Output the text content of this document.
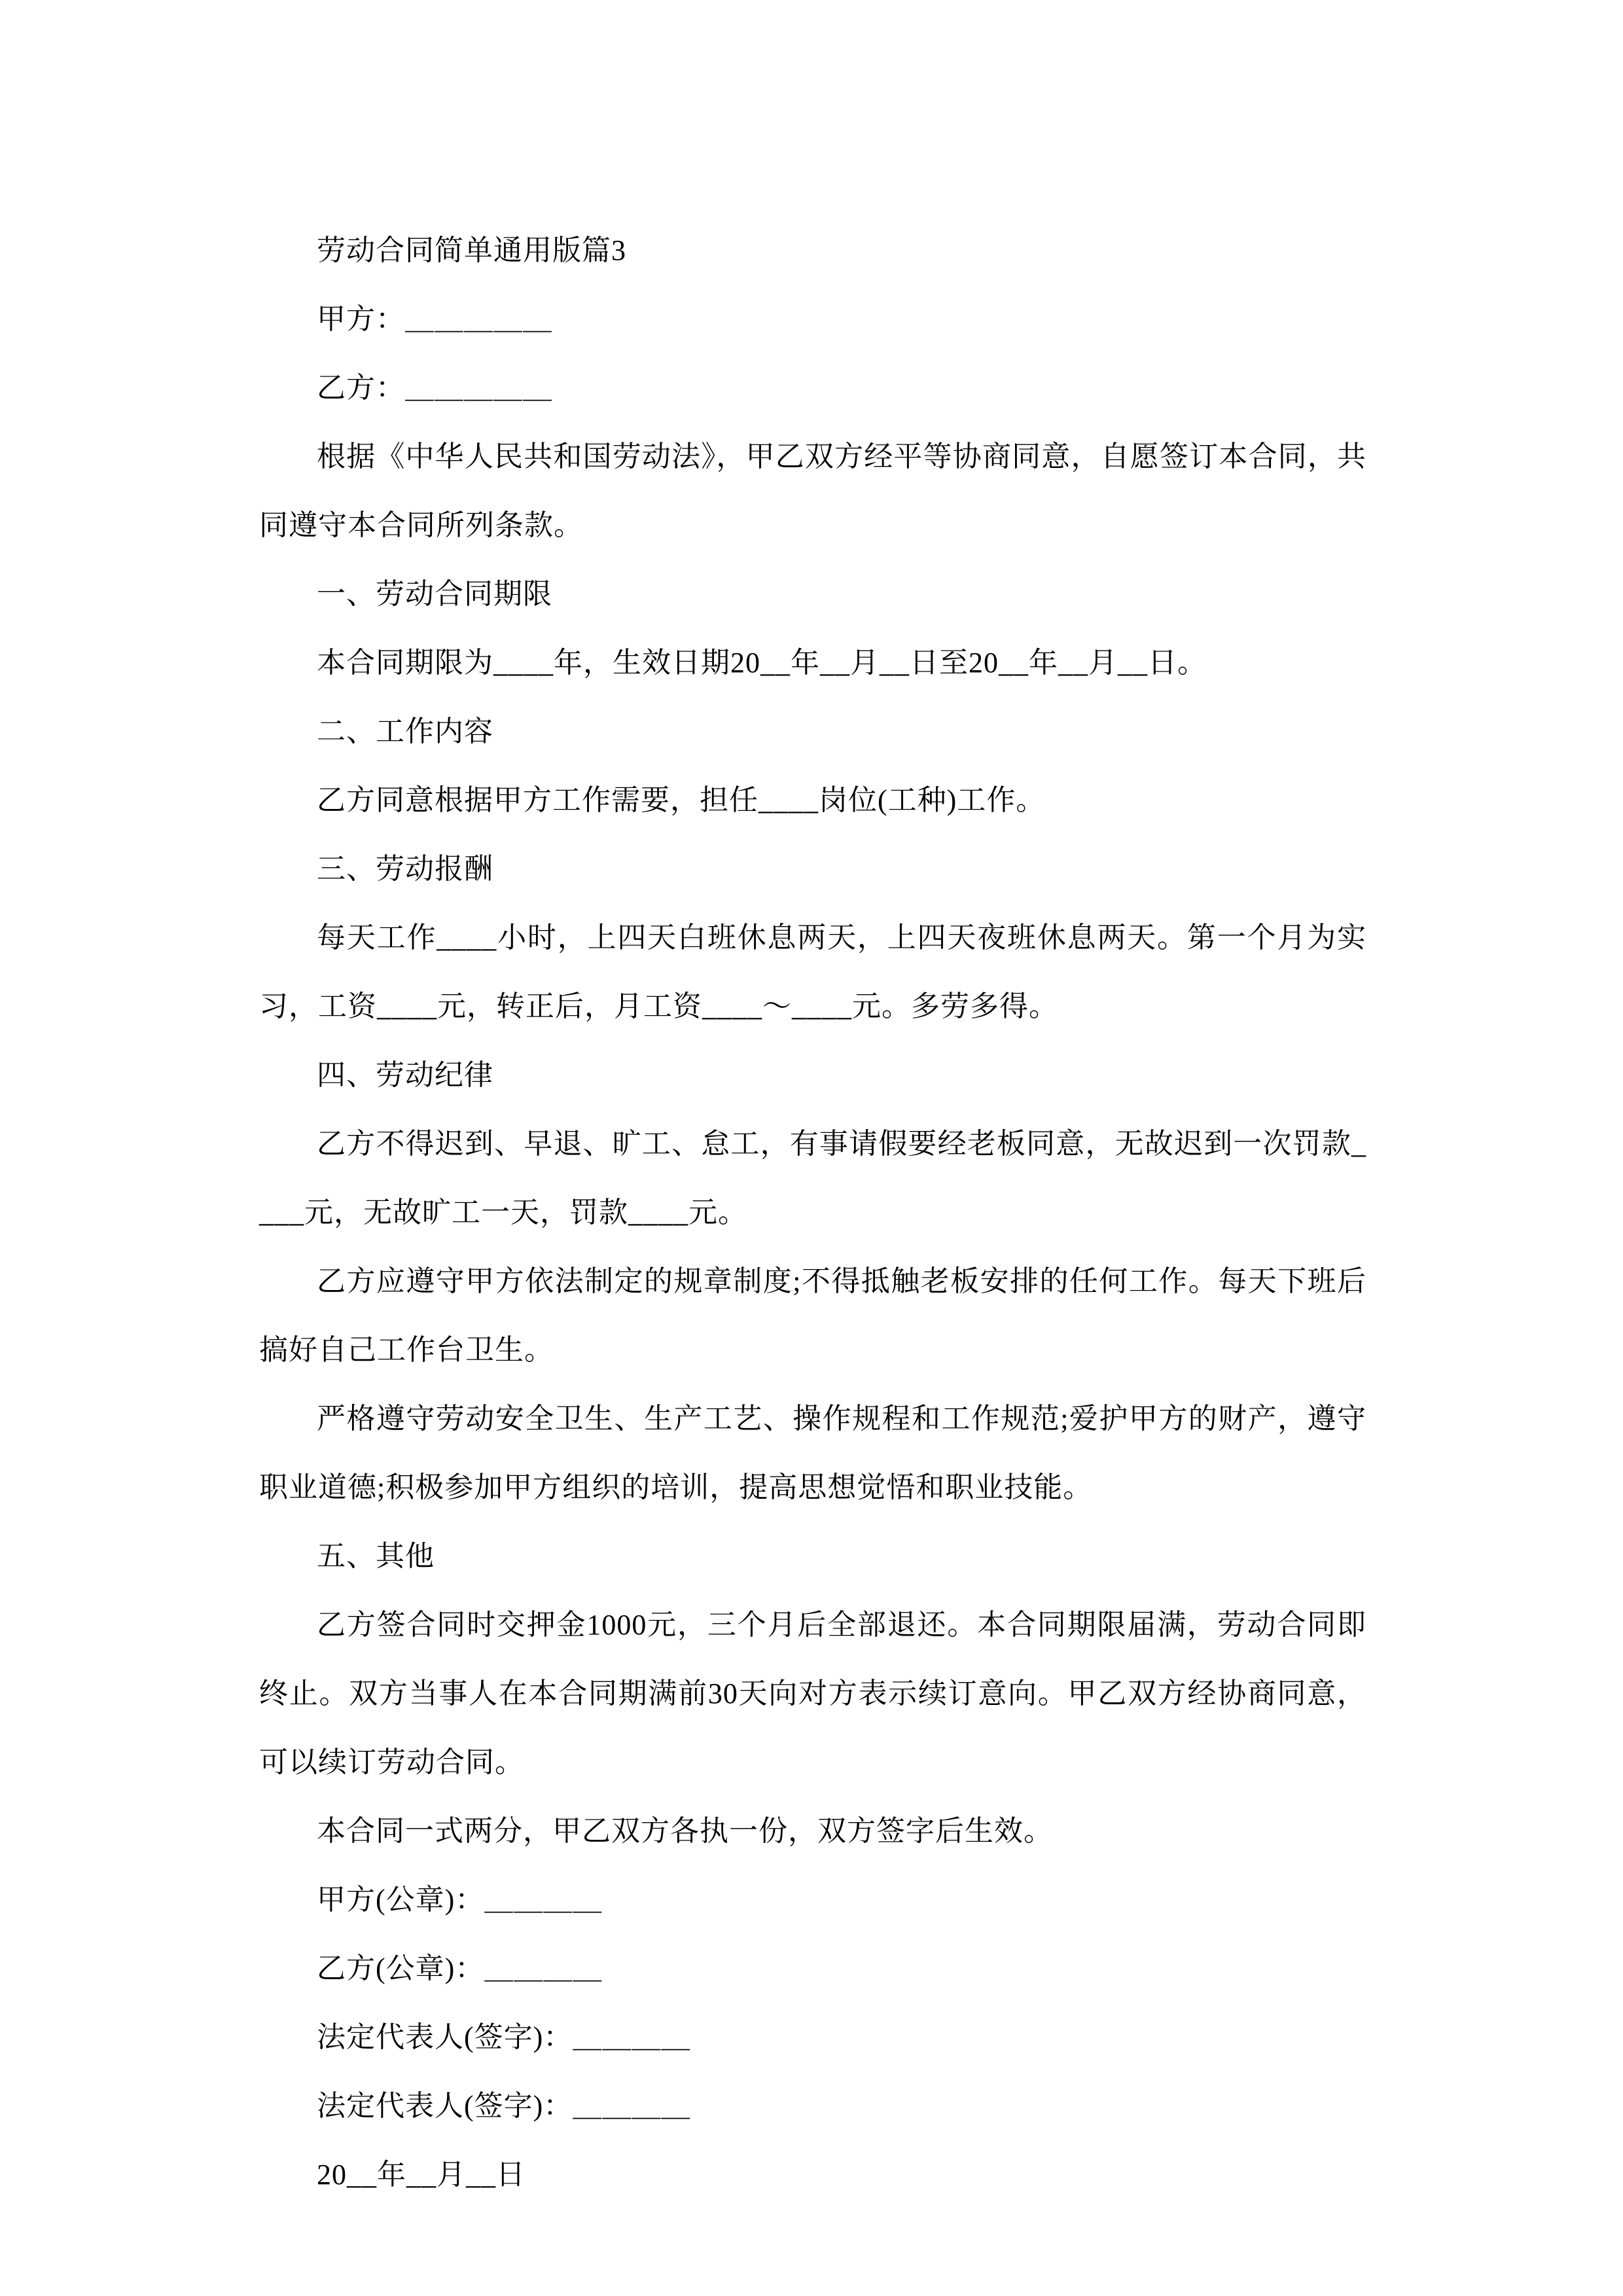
劳动合同简单通用版篇3

甲方：＿＿＿＿＿

乙方：＿＿＿＿＿

根据《中华人民共和国劳动法》，甲乙双方经平等协商同意，自愿签订本合同，共同遵守本合同所列条款。

一、劳动合同期限

本合同期限为____年，生效日期20__年__月__日至20__年__月__日。

二、工作内容

乙方同意根据甲方工作需要，担任____岗位(工种)工作。

三、劳动报酬

每天工作____小时，上四天白班休息两天，上四天夜班休息两天。第一个月为实习，工资____元，转正后，月工资____～____元。多劳多得。

四、劳动纪律

乙方不得迟到、早退、旷工、怠工，有事请假要经老板同意，无故迟到一次罚款____元，无故旷工一天，罚款____元。

乙方应遵守甲方依法制定的规章制度;不得抵触老板安排的任何工作。每天下班后搞好自己工作台卫生。

严格遵守劳动安全卫生、生产工艺、操作规程和工作规范;爱护甲方的财产，遵守职业道德;积极参加甲方组织的培训，提高思想觉悟和职业技能。

五、其他

乙方签合同时交押金1000元，三个月后全部退还。本合同期限届满，劳动合同即终止。双方当事人在本合同期满前30天向对方表示续订意向。甲乙双方经协商同意，可以续订劳动合同。

本合同一式两分，甲乙双方各执一份，双方签字后生效。

甲方(公章)：＿＿＿＿

乙方(公章)：＿＿＿＿

法定代表人(签字)：＿＿＿＿

法定代表人(签字)：＿＿＿＿

20__年__月__日
